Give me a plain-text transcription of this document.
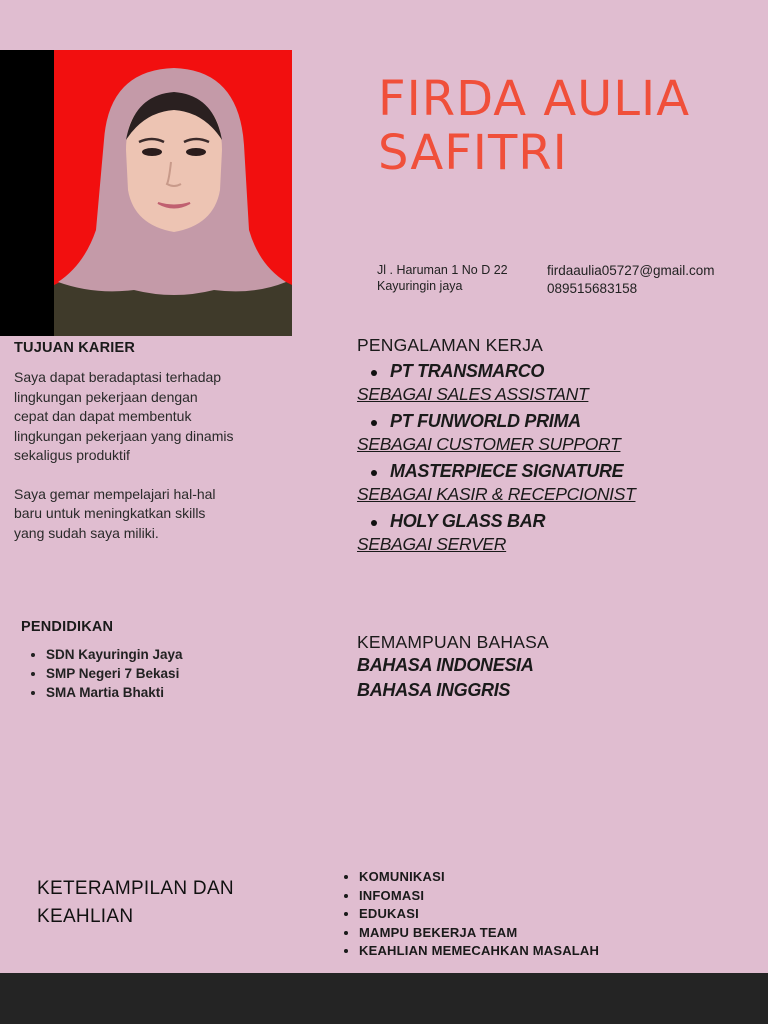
FIRDA AULIA
SAFITRI
Jl . Haruman 1 No D 22
Kayuringin jaya
firdaaulia05727@gmail.com
089515683158
TUJUAN KARIER

Saya dapat beradaptasi terhadap
lingkungan pekerjaan dengan
cepat dan dapat membentuk
lingkungan pekerjaan yang dinamis
sekaligus produktif

Saya gemar mempelajari hal-hal
baru untuk meningkatkan skills
yang sudah saya miliki.

PENGALAMAN KERJA
PT TRANSMARCO
SEBAGAI SALES ASSISTANT
PT FUNWORLD PRIMA
SEBAGAI CUSTOMER SUPPORT
MASTERPIECE SIGNATURE
SEBAGAI KASIR & RECEPCIONIST
HOLY GLASS BAR
SEBAGAI SERVER
PENDIDIKAN
• SDN Kayuringin Jaya
• SMP Negeri 7 Bekasi
• SMA Martia Bhakti
KEMAMPUAN BAHASA
BAHASA INDONESIA
BAHASA INGGRIS
KETERAMPILAN DAN
KEAHLIAN
• KOMUNIKASI
• INFOMASI
• EDUKASI
• MAMPU BEKERJA TEAM
• KEAHLIAN MEMECAHKAN MASALAH
